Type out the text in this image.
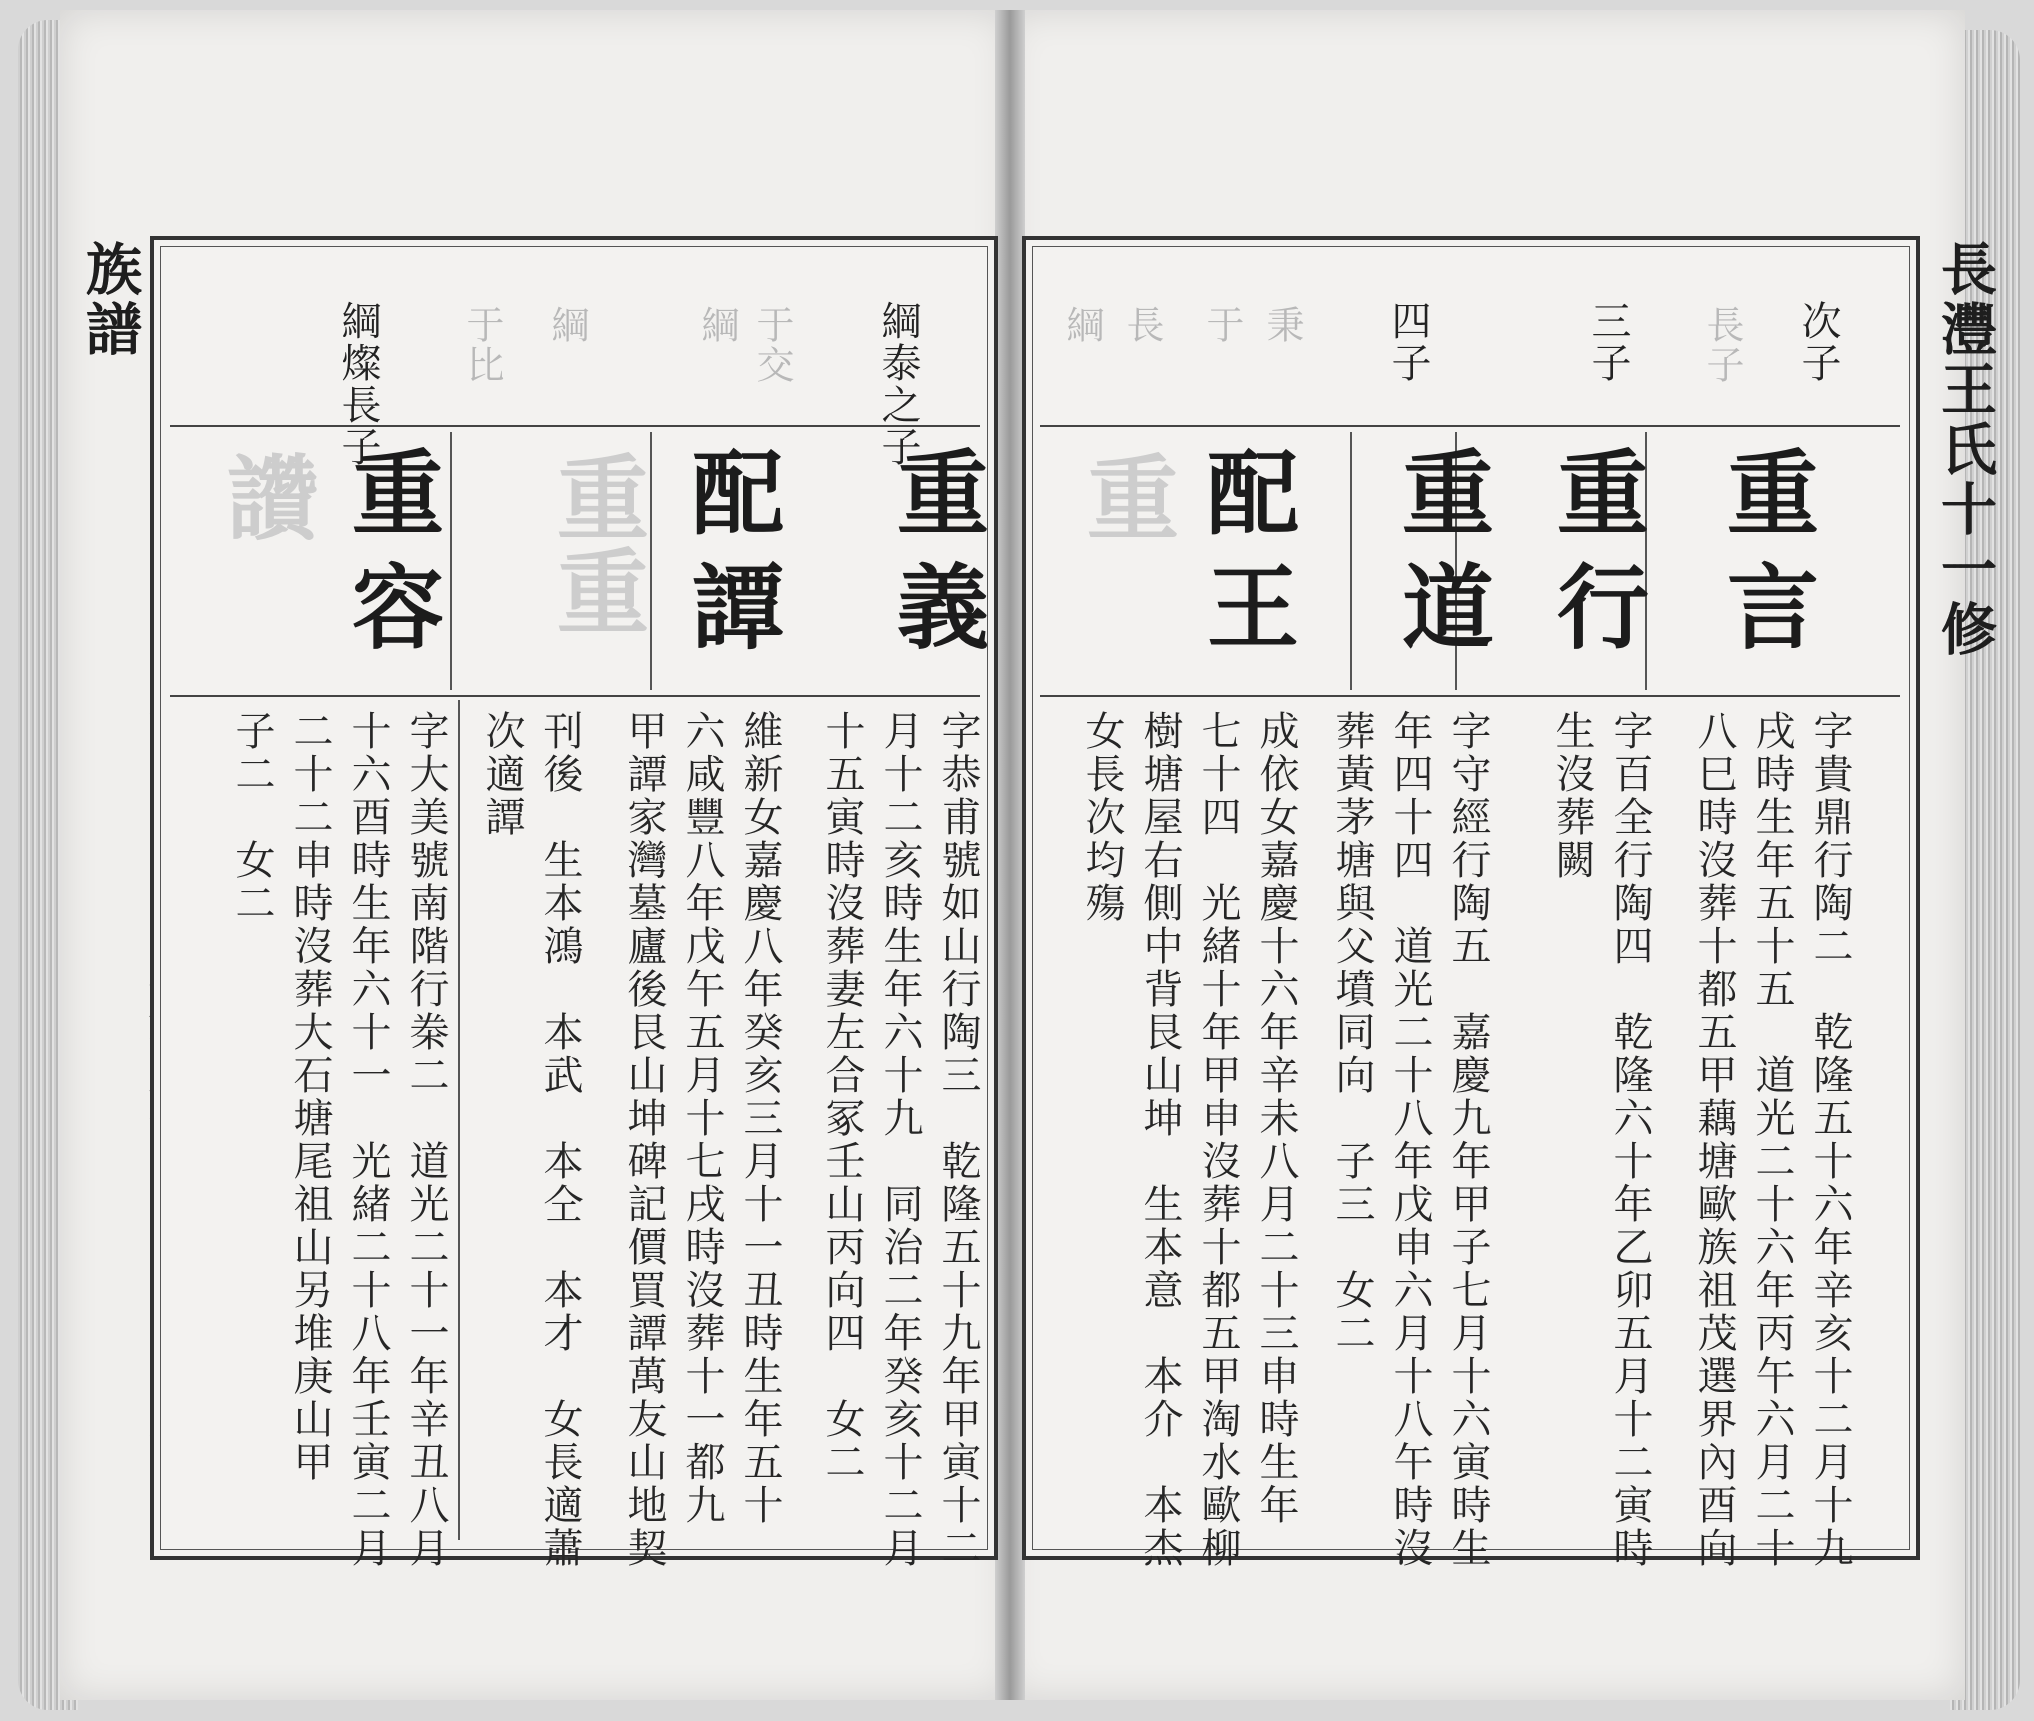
族譜
長灃王氏十一修
綱泰之子
綱燦長子	于交
綱
于比 綱
重義
配譚
重容 重重
讚
字恭甫號如山行陶三　乾隆五十九年甲寅十二
月十二亥時生年六十九　同治二年癸亥十二月
十五寅時沒葬妻左合冢壬山丙向四　女二
維新女嘉慶八年癸亥三月十一丑時生年五十
六咸豐八年戊午五月十七戌時沒葬十一都九
甲譚家灣墓廬後艮山坤碑記價買譚萬友山地契
刊後　生本鴻　本武　本仝　本才　女長適蕭
次適譚
字大美號南階行桊二　道光二十一年辛丑八月
十六酉時生年六十一　光緒二十八年壬寅二月
二十二申時沒葬大石塘尾祖山另堆庚山甲
子二　女二
次子
三子
四子	長子
秉
于
長
綱
重言
重行
重道
配王
重
字貴鼎行陶二　乾隆五十六年辛亥十二月十九
戌時生年五十五　道光二十六年丙午六月二十
八巳時沒葬十都五甲藕塘歐族祖茂選界內酉向
字百全行陶四　乾隆六十年乙卯五月十二寅時
生沒葬闕
字守經行陶五　嘉慶九年甲子七月十六寅時生
年四十四　道光二十八年戊申六月十八午時沒
葬黃茅塘與父墳同向　子三　女二
成依女嘉慶十六年辛未八月二十三申時生年
七十四　光緒十年甲申沒葬十都五甲淘水歐柳
樹塘屋右側中背艮山坤　生本意　本介　本杰
女長次均殤
